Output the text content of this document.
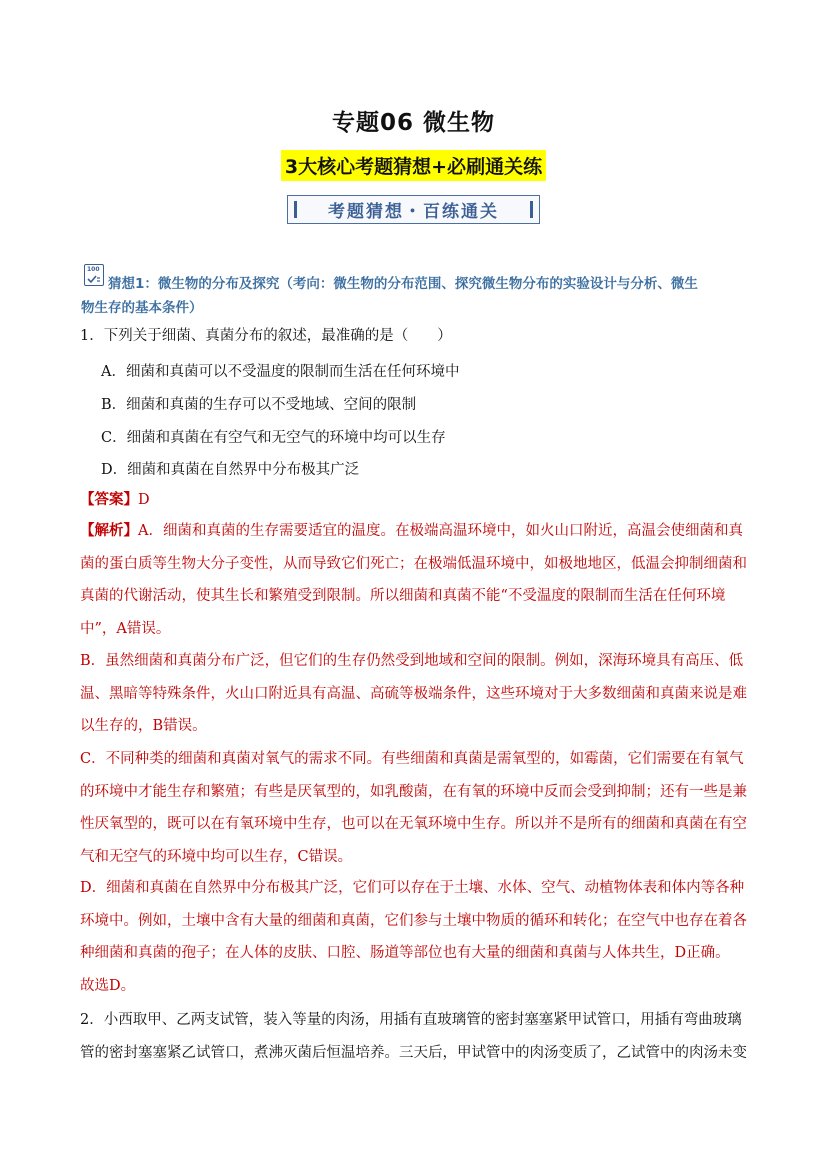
专题06 微生物
3大核心考题猜想+必刷通关练
考题猜想・百练通关
100
猜想1：微生物的分布及探究（考向：微生物的分布范围、探究微生物分布的实验设计与分析、微生
物生存的基本条件）
1．下列关于细菌、真菌分布的叙述，最准确的是（　　）
A．细菌和真菌可以不受温度的限制而生活在任何环境中
B．细菌和真菌的生存可以不受地域、空间的限制
C．细菌和真菌在有空气和无空气的环境中均可以生存
D．细菌和真菌在自然界中分布极其广泛
【答案】D
【解析】A．细菌和真菌的生存需要适宜的温度。在极端高温环境中，如火山口附近，高温会使细菌和真菌的蛋白质等生物大分子变性，从而导致它们死亡；在极端低温环境中，如极地地区，低温会抑制细菌和真菌的代谢活动，使其生长和繁殖受到限制。所以细菌和真菌不能“不受温度的限制而生活在任何环境中”，A错误。
B．虽然细菌和真菌分布广泛，但它们的生存仍然受到地域和空间的限制。例如，深海环境具有高压、低温、黑暗等特殊条件，火山口附近具有高温、高硫等极端条件，这些环境对于大多数细菌和真菌来说是难以生存的，B错误。
C．不同种类的细菌和真菌对氧气的需求不同。有些细菌和真菌是需氧型的，如霉菌，它们需要在有氧气的环境中才能生存和繁殖；有些是厌氧型的，如乳酸菌，在有氧的环境中反而会受到抑制；还有一些是兼性厌氧型的，既可以在有氧环境中生存，也可以在无氧环境中生存。所以并不是所有的细菌和真菌在有空气和无空气的环境中均可以生存，C错误。
D．细菌和真菌在自然界中分布极其广泛，它们可以存在于土壤、水体、空气、动植物体表和体内等各种环境中。例如，土壤中含有大量的细菌和真菌，它们参与土壤中物质的循环和转化；在空气中也存在着各种细菌和真菌的孢子；在人体的皮肤、口腔、肠道等部位也有大量的细菌和真菌与人体共生，D正确。
故选D。
2．小西取甲、乙两支试管，装入等量的肉汤，用插有直玻璃管的密封塞塞紧甲试管口，用插有弯曲玻璃管的密封塞塞紧乙试管口，煮沸灭菌后恒温培养。三天后，甲试管中的肉汤变质了，乙试管中的肉汤未变
